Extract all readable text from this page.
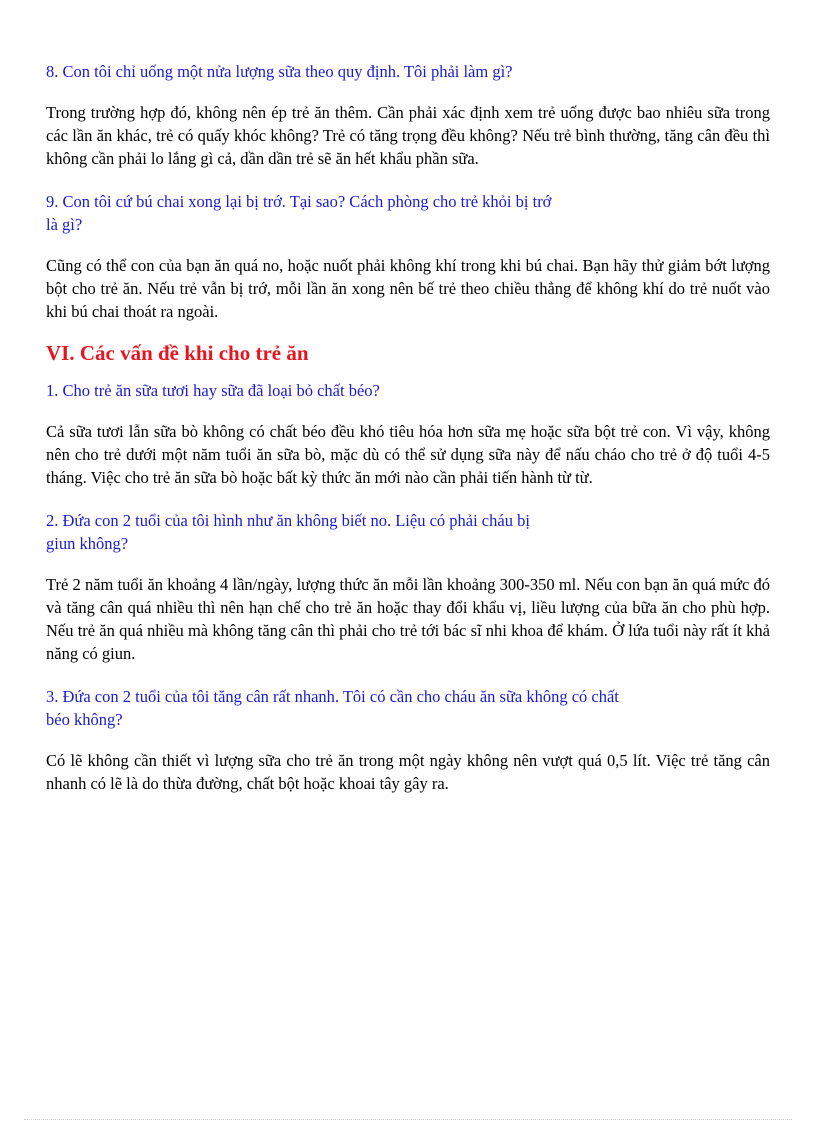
8. Con tôi chỉ uống một nửa lượng sữa theo quy định. Tôi phải làm gì?

Trong trường hợp đó, không nên ép trẻ ăn thêm. Cần phải xác định xem trẻ uống được bao nhiêu sữa trong các lần ăn khác, trẻ có quấy khóc không? Trẻ có tăng trọng đều không? Nếu trẻ bình thường, tăng cân đều thì không cần phải lo lắng gì cả, dần dần trẻ sẽ ăn hết khẩu phần sữa.

9. Con tôi cứ bú chai xong lại bị trớ. Tại sao? Cách phòng cho trẻ khỏi bị trớ
là gì?

Cũng có thể con của bạn ăn quá no, hoặc nuốt phải không khí trong khi bú chai. Bạn hãy thử giảm bớt lượng bột cho trẻ ăn. Nếu trẻ vẫn bị trớ, mỗi lần ăn xong nên bế trẻ theo chiều thẳng để không khí do trẻ nuốt vào khi bú chai thoát ra ngoài.

VI. Các vấn đề khi cho trẻ ăn

1. Cho trẻ ăn sữa tươi hay sữa đã loại bỏ chất béo?

Cả sữa tươi lẫn sữa bò không có chất béo đều khó tiêu hóa hơn sữa mẹ hoặc sữa bột trẻ con. Vì vậy, không nên cho trẻ dưới một năm tuổi ăn sữa bò, mặc dù có thể sử dụng sữa này để nấu cháo cho trẻ ở độ tuổi 4-5 tháng. Việc cho trẻ ăn sữa bò hoặc bất kỳ thức ăn mới nào cần phải tiến hành từ từ.

2. Đứa con 2 tuổi của tôi hình như ăn không biết no. Liệu có phải cháu bị
giun không?

Trẻ 2 năm tuổi ăn khoảng 4 lần/ngày, lượng thức ăn mỗi lần khoảng 300-350 ml. Nếu con bạn ăn quá mức đó và tăng cân quá nhiều thì nên hạn chế cho trẻ ăn hoặc thay đổi khẩu vị, liều lượng của bữa ăn cho phù hợp. Nếu trẻ ăn quá nhiều mà không tăng cân thì phải cho trẻ tới bác sĩ nhi khoa để khám. Ở lứa tuổi này rất ít khả năng có giun.

3. Đứa con 2 tuổi của tôi tăng cân rất nhanh. Tôi có cần cho cháu ăn sữa không có chất
béo không?

Có lẽ không cần thiết vì lượng sữa cho trẻ ăn trong một ngày không nên vượt quá 0,5 lít. Việc trẻ tăng cân nhanh có lẽ là do thừa đường, chất bột hoặc khoai tây gây ra.
